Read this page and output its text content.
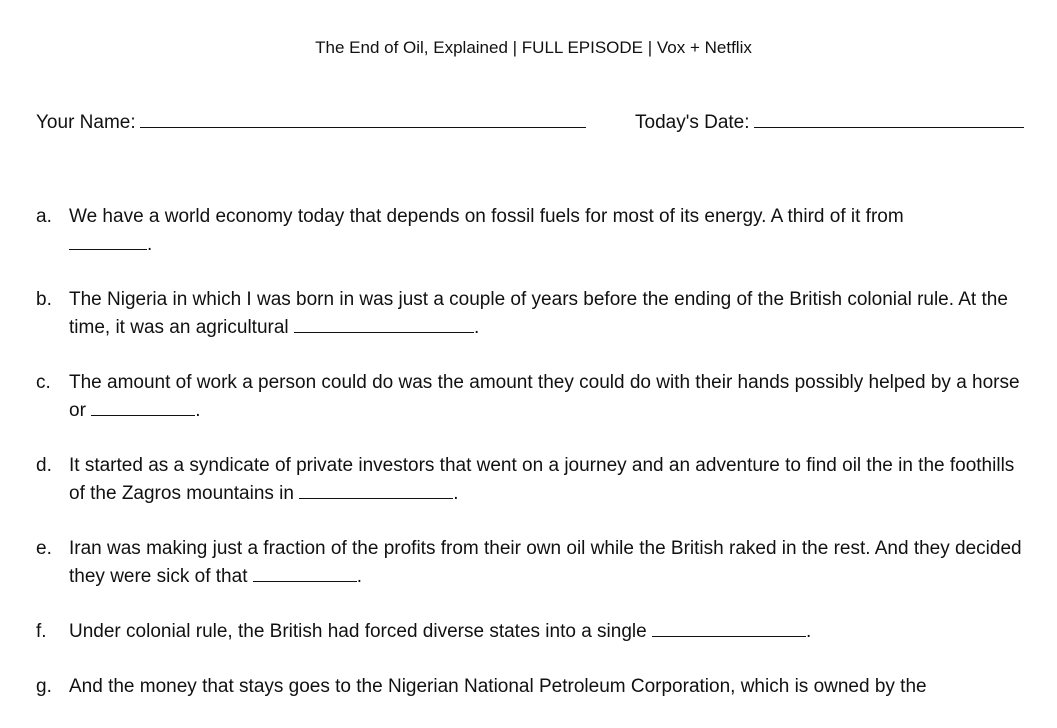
The End of Oil, Explained | FULL EPISODE | Vox + Netflix
Your Name:	Today's Date:
a. We have a world economy today that depends on fossil fuels for most of its energy. A third of it from
.
b. The Nigeria in which I was born in was just a couple of years before the ending of the British colonial rule. At the time, it was an agricultural	.
c. The amount of work a person could do was the amount they could do with their hands possibly helped by a horse or	.
d. It started as a syndicate of private investors that went on a journey and an adventure to find oil the in the foothills of the Zagros mountains in	.
e. Iran was making just a fraction of the profits from their own oil while the British raked in the rest. And they decided they were sick of that	.
f. Under colonial rule, the British had forced diverse states into a single	.
g. And the money that stays goes to the Nigerian National Petroleum Corporation, which is owned by the
